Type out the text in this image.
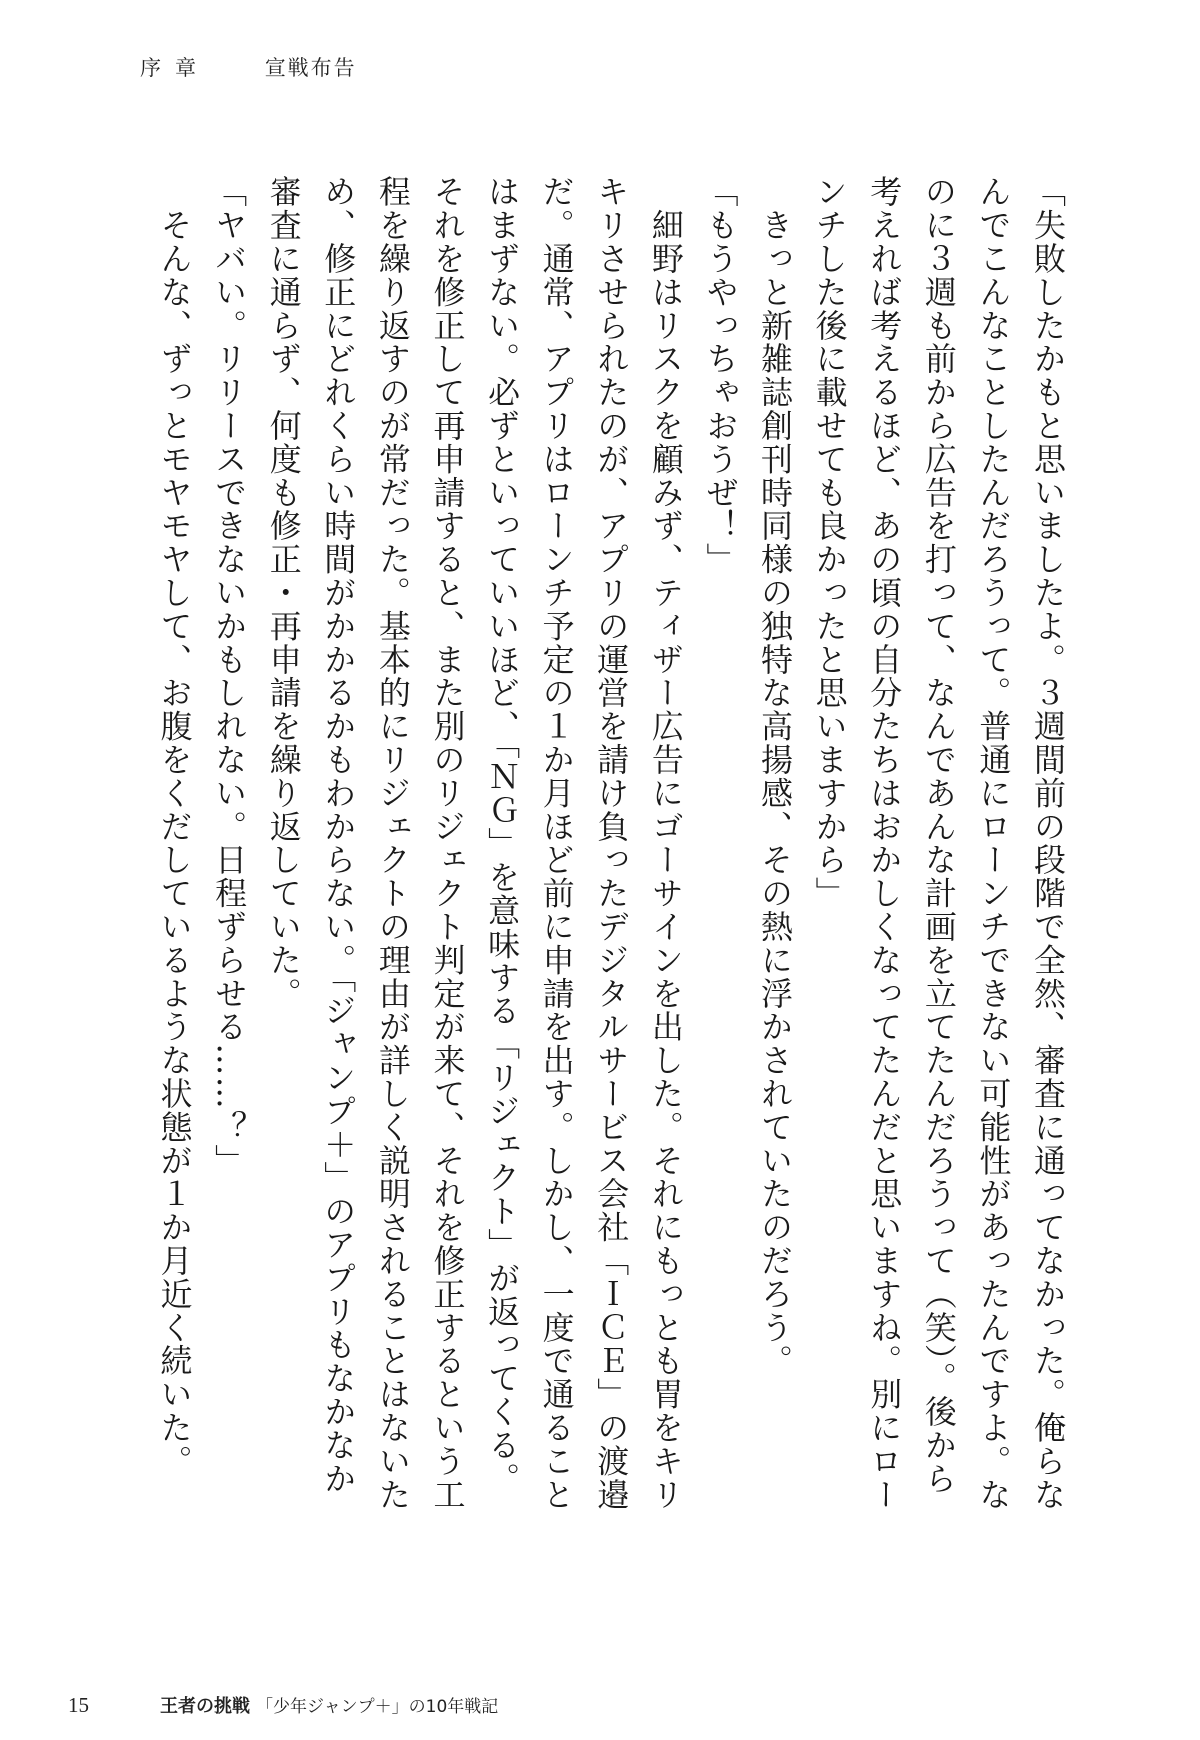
序章	宣戦布告

「失敗したかもと思いましたよ。３週間前の段階で全然、審査に通ってなかった。俺らな

んでこんなことしたんだろうって。普通にローンチできない可能性があったんですよ。な

のに３週も前から広告を打って、なんであんな計画を立てたんだろうって（笑）。後から

考えれば考えるほど、あの頃の自分たちはおかしくなってたんだと思いますね。別にロー

ンチした後に載せても良かったと思いますから」

　きっと新雑誌創刊時同様の独特な高揚感、その熱に浮かされていたのだろう。

「もうやっちゃおうぜ！」

　細野はリスクを顧みず、ティザー広告にゴーサインを出した。それにもっとも胃をキリ

キリさせられたのが、アプリの運営を請け負ったデジタルサービス会社「ＩＣＥ」の渡邉

だ。通常、アプリはローンチ予定の１か月ほど前に申請を出す。しかし、一度で通ること

はまずない。必ずといっていいほど、「ＮＧ」を意味する「リジェクト」が返ってくる。

それを修正して再申請すると、また別のリジェクト判定が来て、それを修正するという工

程を繰り返すのが常だった。基本的にリジェクトの理由が詳しく説明されることはないた

め、修正にどれくらい時間がかかるかもわからない。「ジャンプ＋」のアプリもなかなか

審査に通らず、何度も修正・再申請を繰り返していた。

「ヤバい。リリースできないかもしれない。日程ずらせる……？」

　そんな、ずっとモヤモヤして、お腹をくだしているような状態が１か月近く続いた。

15	王者の挑戦 「少年ジャンプ＋」の10年戦記
